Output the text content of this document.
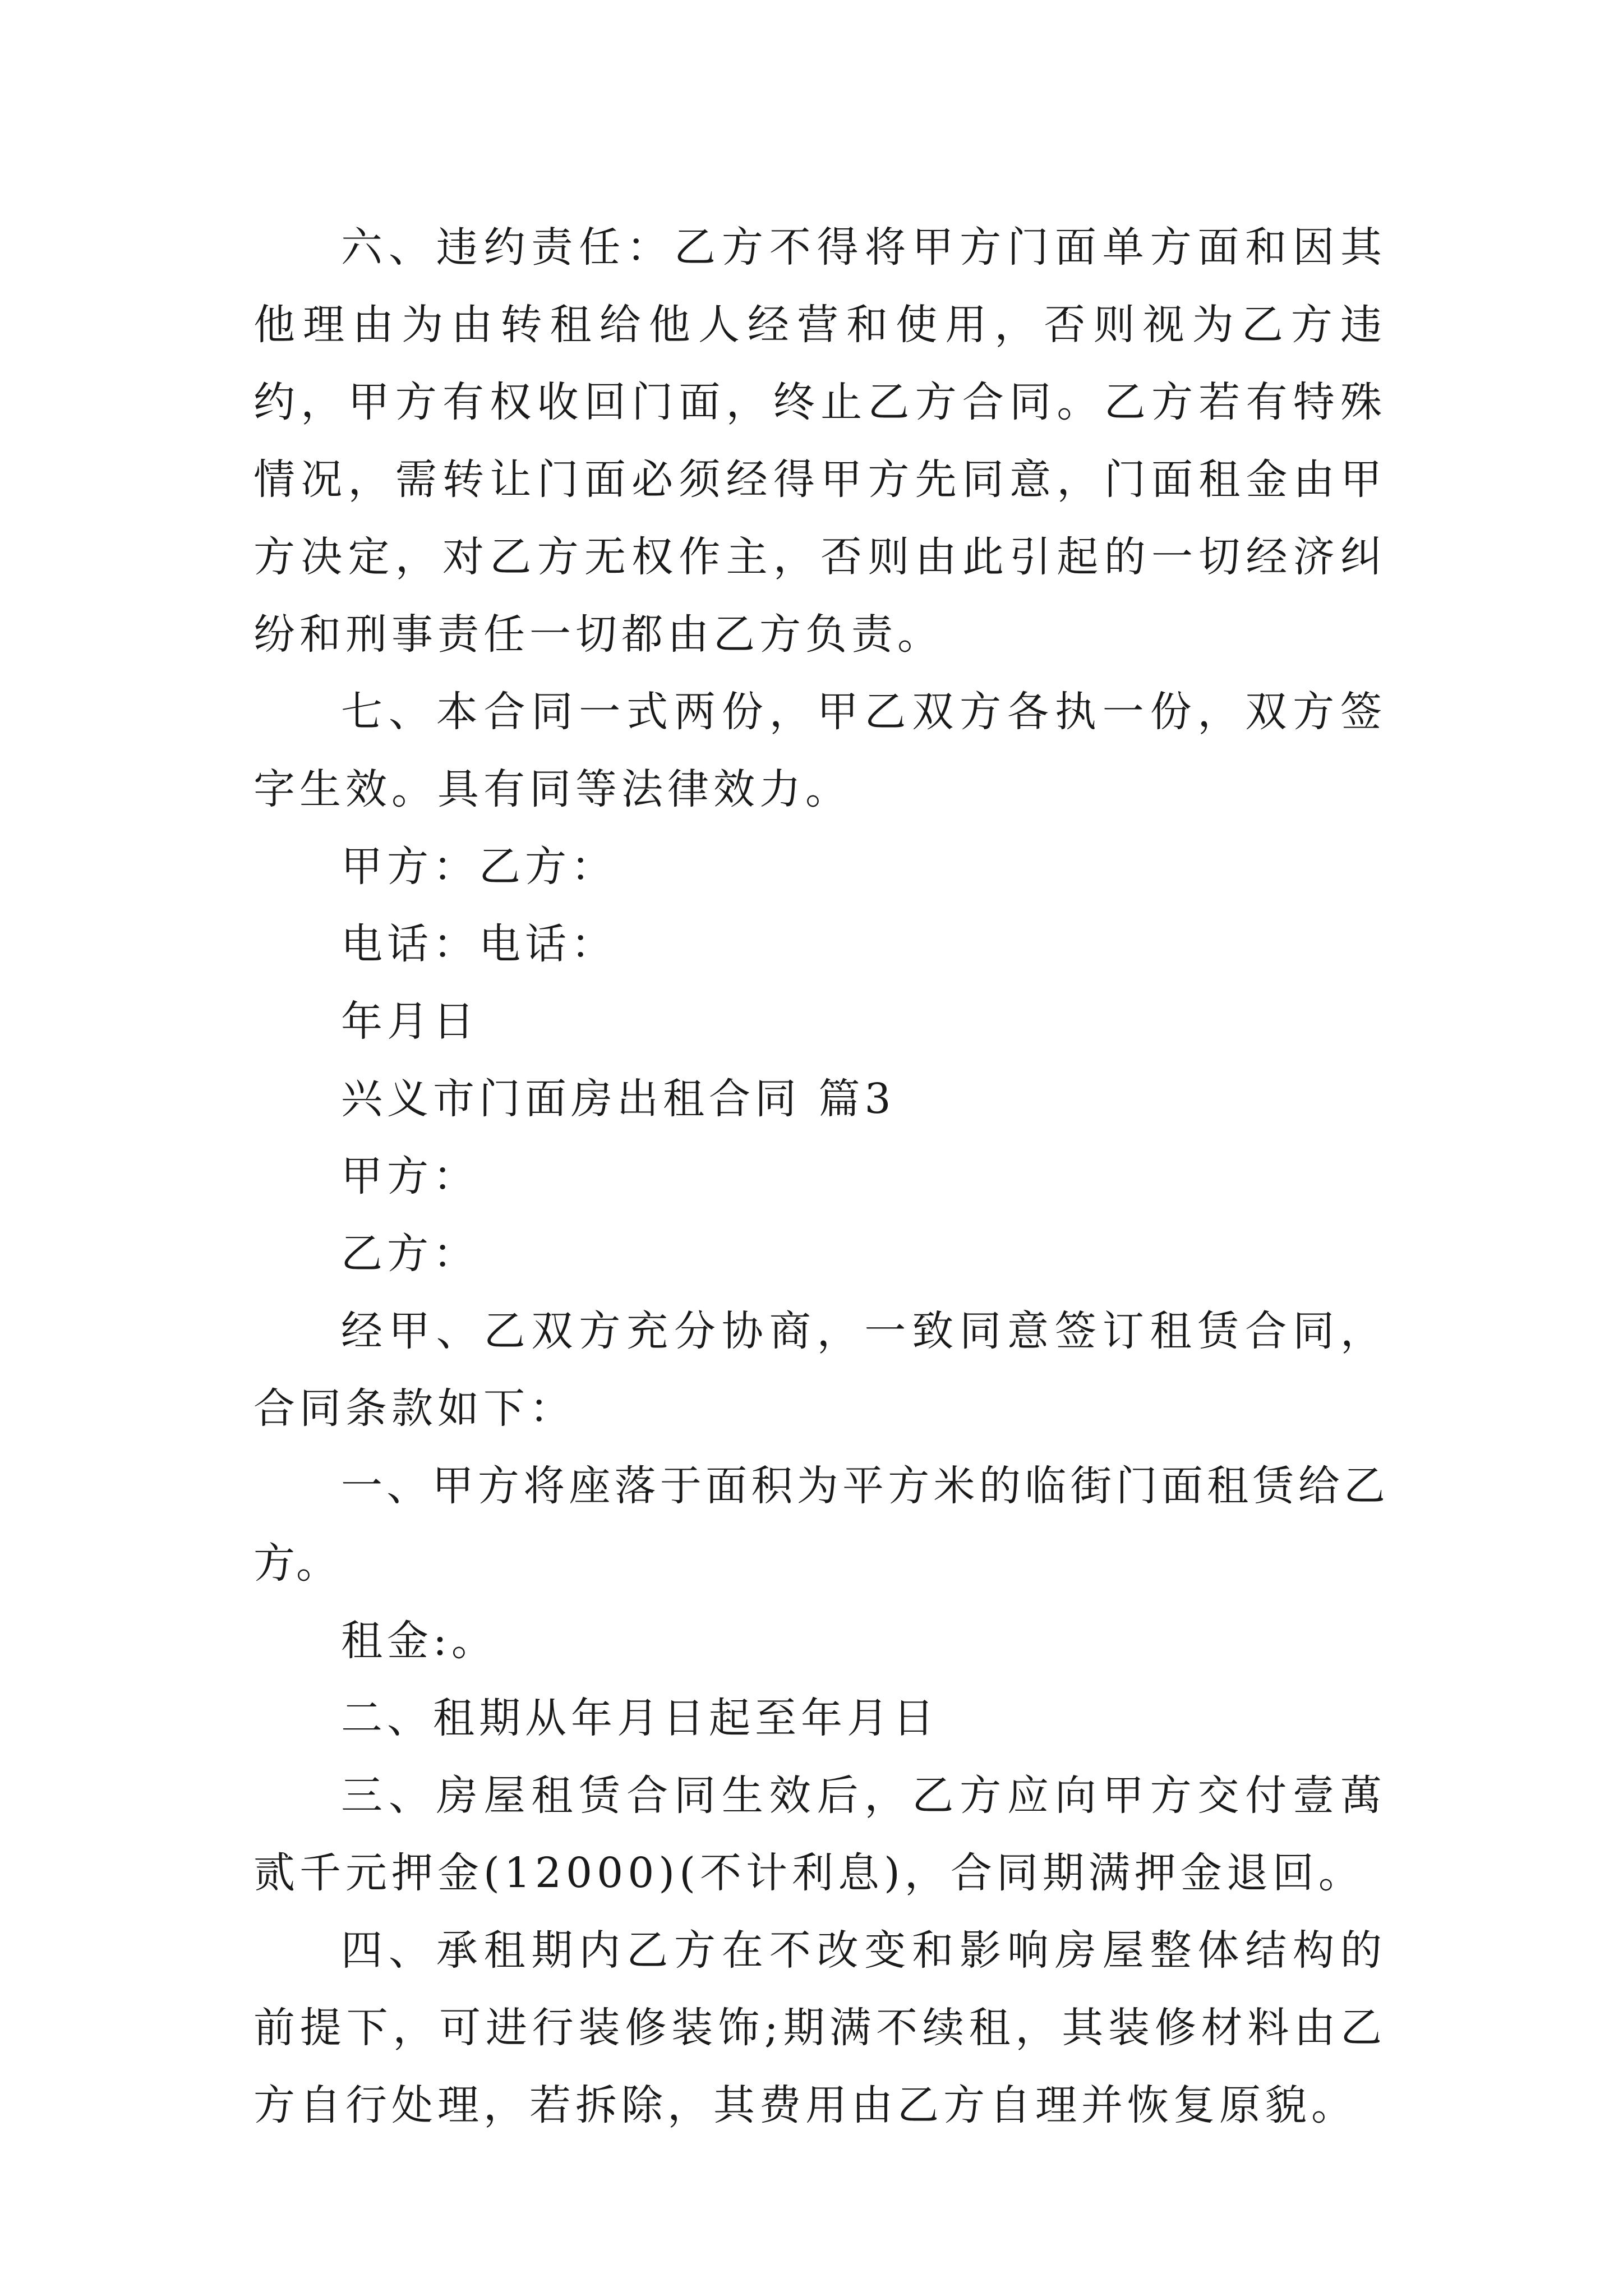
六、违约责任：乙方不得将甲方门面单方面和因其他理由为由转租给他人经营和使用，否则视为乙方违约，甲方有权收回门面，终止乙方合同。乙方若有特殊情况，需转让门面必须经得甲方先同意，门面租金由甲方决定，对乙方无权作主，否则由此引起的一切经济纠纷和刑事责任一切都由乙方负责。

七、本合同一式两份，甲乙双方各执一份，双方签字生效。具有同等法律效力。

甲方：乙方：

电话：电话：

年月日

兴义市门面房出租合同 篇3

甲方：

乙方：

经甲、乙双方充分协商，一致同意签订租赁合同，合同条款如下：

一、甲方将座落于面积为平方米的临街门面租赁给乙方。

租金:。

二、租期从年月日起至年月日

三、房屋租赁合同生效后，乙方应向甲方交付壹萬贰千元押金(12000)(不计利息)，合同期满押金退回。

四、承租期内乙方在不改变和影响房屋整体结构的前提下，可进行装修装饰;期满不续租，其装修材料由乙方自行处理，若拆除，其费用由乙方自理并恢复原貌。
